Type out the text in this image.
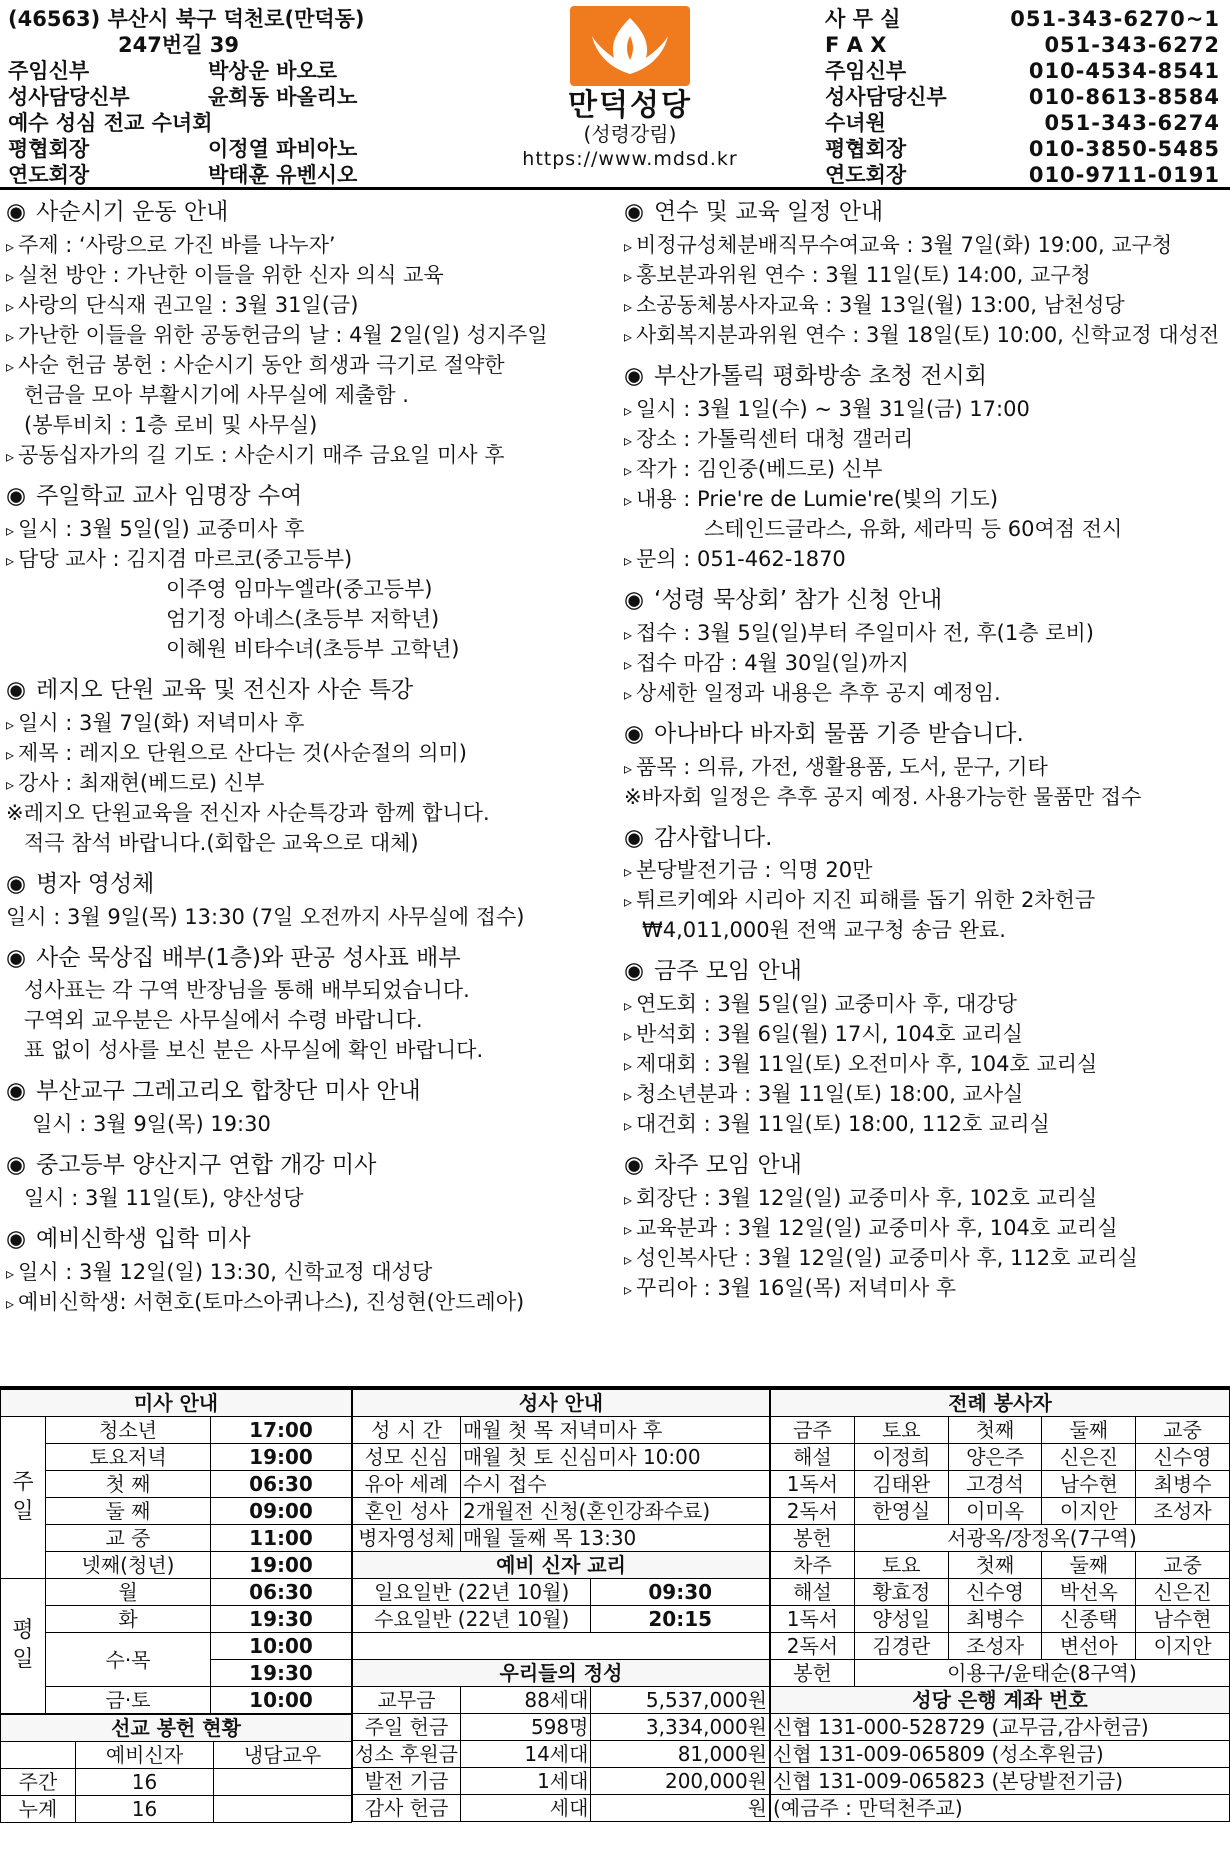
(46563) 부산시 북구 덕천로(만덕동)
247번길 39
주임신부	박상운 바오로
성사담당신부	윤희동 바올리노
예수 성심 전교 수녀회
평협회장	이정열 파비아노
연도회장	박태훈 유벤시오
만덕성당
(성령강림)
https://www.mdsd.kr
사 무 실	051-343-6270~1
F A X	051-343-6272
주임신부	010-4534-8541
성사담당신부	010-8613-8584
수녀원	051-343-6274
평협회장	010-3850-5485
연도회장	010-9711-0191
◉ 사순시기 운동 안내
▹ 주제 : ‘사랑으로 가진 바를 나누자’
▹ 실천 방안 : 가난한 이들을 위한 신자 의식 교육
▹ 사랑의 단식재 권고일 : 3월 31일(금)
▹ 가난한 이들을 위한 공동헌금의 날 : 4월 2일(일) 성지주일
▹ 사순 헌금 봉헌 : 사순시기 동안 희생과 극기로 절약한
헌금을 모아 부활시기에 사무실에 제출함 .
(봉투비치 : 1층 로비 및 사무실)
▹ 공동십자가의 길 기도 : 사순시기 매주 금요일 미사 후
◉ 주일학교 교사 임명장 수여
▹ 일시 : 3월 5일(일) 교중미사 후
▹ 담당 교사 : 김지겸 마르코(중고등부)
이주영 임마누엘라(중고등부)
엄기정 아녜스(초등부 저학년)
이혜원 비타수녀(초등부 고학년)
◉ 레지오 단원 교육 및 전신자 사순 특강
▹ 일시 : 3월 7일(화) 저녁미사 후
▹ 제목 : 레지오 단원으로 산다는 것(사순절의 의미)
▹ 강사 : 최재현(베드로) 신부
※레지오 단원교육을 전신자 사순특강과 함께 합니다.
적극 참석 바랍니다.(회합은 교육으로 대체)
◉ 병자 영성체
일시 : 3월 9일(목) 13:30 (7일 오전까지 사무실에 접수)
◉ 사순 묵상집 배부(1층)와 판공 성사표 배부
성사표는 각 구역 반장님을 통해 배부되었습니다.
구역외 교우분은 사무실에서 수령 바랍니다.
표 없이 성사를 보신 분은 사무실에 확인 바랍니다.
◉ 부산교구 그레고리오 합창단 미사 안내
일시 : 3월 9일(목) 19:30
◉ 중고등부 양산지구 연합 개강 미사
일시 : 3월 11일(토), 양산성당
◉ 예비신학생 입학 미사
▹ 일시 : 3월 12일(일) 13:30, 신학교정 대성당
▹ 예비신학생: 서현호(토마스아퀴나스), 진성현(안드레아)
◉ 연수 및 교육 일정 안내
▹ 비정규성체분배직무수여교육 : 3월 7일(화) 19:00, 교구청
▹ 홍보분과위원 연수 : 3월 11일(토) 14:00, 교구청
▹ 소공동체봉사자교육 : 3월 13일(월) 13:00, 남천성당
▹ 사회복지분과위원 연수 : 3월 18일(토) 10:00, 신학교정 대성전
◉ 부산가톨릭 평화방송 초청 전시회
▹ 일시 : 3월 1일(수) ~ 3월 31일(금) 17:00
▹ 장소 : 가톨릭센터 대청 갤러리
▹ 작가 : 김인중(베드로) 신부
▹ 내용 : Prie're de Lumie're(빛의 기도)
스테인드글라스, 유화, 세라믹 등 60여점 전시
▹ 문의 : 051-462-1870
◉ ‘성령 묵상회’ 참가 신청 안내
▹ 접수 : 3월 5일(일)부터 주일미사 전, 후(1층 로비)
▹ 접수 마감 : 4월 30일(일)까지
▹ 상세한 일정과 내용은 추후 공지 예정임.
◉ 아나바다 바자회 물품 기증 받습니다.
▹ 품목 : 의류, 가전, 생활용품, 도서, 문구, 기타
※바자회 일정은 추후 공지 예정. 사용가능한 물품만 접수
◉ 감사합니다.
▹ 본당발전기금 : 익명 20만
▹ 튀르키예와 시리아 지진 피해를 돕기 위한 2차헌금
₩4,011,000원 전액 교구청 송금 완료.
◉ 금주 모임 안내
▹ 연도회 : 3월 5일(일) 교중미사 후, 대강당
▹ 반석회 : 3월 6일(월) 17시, 104호 교리실
▹ 제대회 : 3월 11일(토) 오전미사 후, 104호 교리실
▹ 청소년분과 : 3월 11일(토) 18:00, 교사실
▹ 대건회 : 3월 11일(토) 18:00, 112호 교리실
◉ 차주 모임 안내
▹ 회장단 : 3월 12일(일) 교중미사 후, 102호 교리실
▹ 교육분과 : 3월 12일(일) 교중미사 후, 104호 교리실
▹ 성인복사단 : 3월 12일(일) 교중미사 후, 112호 교리실
▹ 꾸리아 : 3월 16일(목) 저녁미사 후
미사 안내		
주
일	청소년	17:00
	토요저녁	19:00
	첫 째	06:30
	둘 째	09:00
	교 중	11:00
	넷째(청년)	19:00
평
일	월	06:30
	화	19:30
	수·목	10:00
		19:30
	금·토	10:00
선교 봉헌 현황		
	예비신자	냉담교우
주간	16	
누계	16	
성사 안내		
성 시 간	매월 첫 목 저녁미사 후	
성모 신심	매월 첫 토 신심미사 10:00	
유아 세례	수시 접수	
혼인 성사	2개월전 신청(혼인강좌수료)	
병자영성체	매월 둘째 목 13:30	
예비 신자 교리		
일요일반 (22년 10월)		09:30
수요일반 (22년 10월)		20:15

우리들의 정성		
교무금	88세대	5,537,000원
주일 헌금	598명	3,334,000원
성소 후원금	14세대	81,000원
발전 기금	1세대	200,000원
감사 헌금	세대	원
전례 봉사자				
금주	토요	첫째	둘째	교중
해설	이정희	양은주	신은진	신수영
1독서	김태완	고경석	남수현	최병수
2독서	한영실	이미옥	이지안	조성자
봉헌	서광옥/장정옥(7구역)			
차주	토요	첫째	둘째	교중
해설	황효정	신수영	박선옥	신은진
1독서	양성일	최병수	신종택	남수현
2독서	김경란	조성자	변선아	이지안
봉헌	이용구/윤태순(8구역)			
성당 은행 계좌 번호				
신협 131-000-528729 (교무금,감사헌금)				
신협 131-009-065809 (성소후원금)				
신협 131-009-065823 (본당발전기금)				
(예금주 : 만덕천주교)				
